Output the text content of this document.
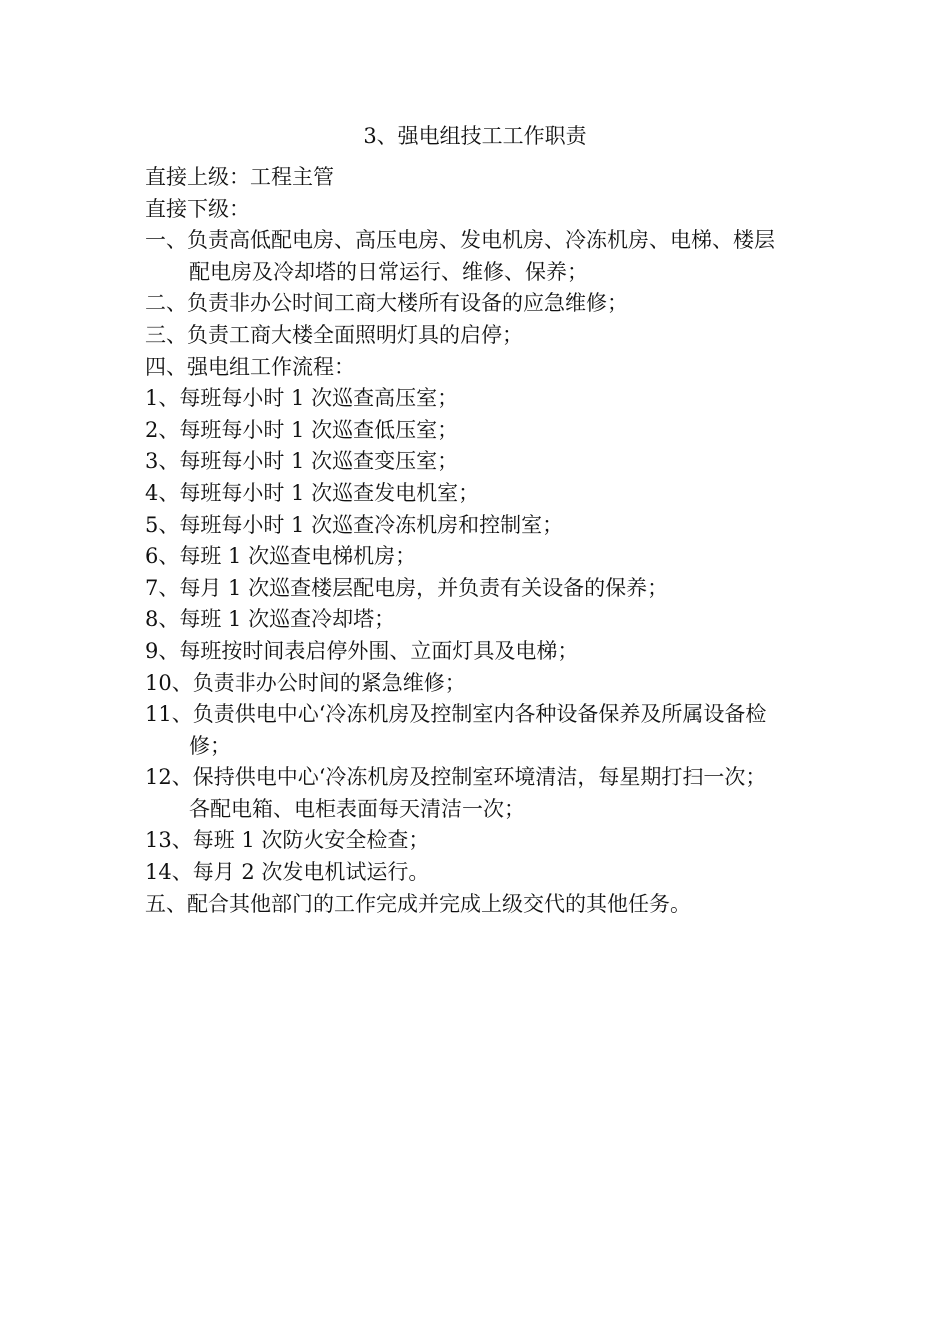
3、强电组技工工作职责
直接上级：工程主管
直接下级：
一、负责高低配电房、高压电房、发电机房、冷冻机房、电梯、楼层
配电房及冷却塔的日常运行、维修、保养；
二、负责非办公时间工商大楼所有设备的应急维修；
三、负责工商大楼全面照明灯具的启停；
四、强电组工作流程：
1、每班每小时 1 次巡查高压室；
2、每班每小时 1 次巡查低压室；
3、每班每小时 1 次巡查变压室；
4、每班每小时 1 次巡查发电机室；
5、每班每小时 1 次巡查冷冻机房和控制室；
6、每班 1 次巡查电梯机房；
7、每月 1 次巡查楼层配电房，并负责有关设备的保养；
8、每班 1 次巡查冷却塔；
9、每班按时间表启停外围、立面灯具及电梯；
10、负责非办公时间的紧急维修；
11、负责供电中心‘冷冻机房及控制室内各种设备保养及所属设备检
修；
12、保持供电中心‘冷冻机房及控制室环境清洁，每星期打扫一次；
各配电箱、电柜表面每天清洁一次；
13、每班 1 次防火安全检查；
14、每月 2 次发电机试运行。
五、配合其他部门的工作完成并完成上级交代的其他任务。
